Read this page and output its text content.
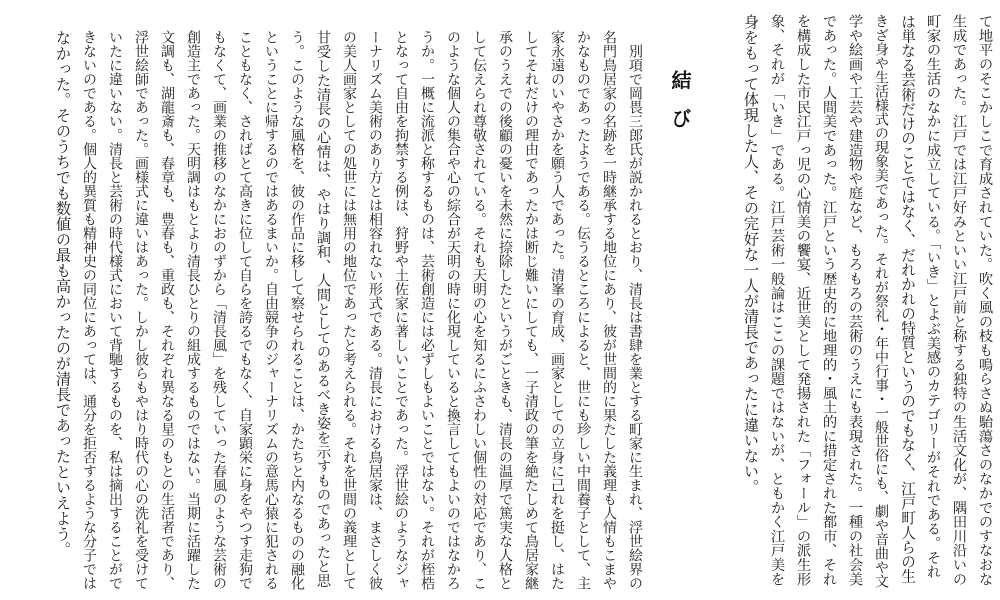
て地平のそこかしこで育成されていた。吹く風の枝も鳴らさぬ駘蕩さのなかでのすなおな
生成であった。江戸では江戸好みといい江戸前と称する独特の生活文化が、隅田川沿いの
町家の生活のなかに成立している。「いき」とよぶ美感のカテゴリーがそれである。それ
は単なる芸術だけのことではなく、だれかれの特質というのでもなく、江戸町人らの生
きざ身や生活様式の現象美であった。それが祭礼・年中行事・一般世俗にも、劇や音曲や文
学や絵画や工芸や建造物や庭など、もろもろの芸術のうえにも表現された。一種の社会美
であった。人間美であった。江戸という歴史的に地理的・風土的に措定された都市、それ
を構成した市民江戸っ児の心情美の饗宴、近世美として発揚された「フォール」の派生形
象、それが「いき」である。江戸芸術一般論はここの課題ではないが、ともかく江戸美を
身をもって体現した人、その完好な一人が清長であったに違いない。
結び
別項で岡畏三郎氏が説かれるとおり、清長は書肆を業とする町家に生まれ、浮世絵界の
名門鳥居家の名跡を一時継承する地位にあり、彼が世間的に果たした義理も人情もこまや
かなものであったようである。伝うるところによると、世にも珍しい中間養子として、主
家永遠のいやさかを願う人であった。清峯の育成、画家としての立身に己れを挺し、はた
してそれだけの理由であったかは断じ難いにしても、一子清政の筆を絶たしめて鳥居家継
承のうえでの後顧の憂いを未然に捺除したというがごときも、清長の温厚で篤実な人格と
して伝えられ尊敬されている。それも天明の心を知るにふさわしい個性の対応であり、こ
のような個人の集合や心の綜合が天明の時に化現していると換言してもよいのではなかろ
うか。一概に流派と称するものは、芸術創造には必ずしもよいことではない。それが桎梏
となって自由を拘禁する例は、狩野や土佐家に著しいことであった。浮世絵のようなジャ
ーナリズム美術のあり方とは相容れない形式である。清長における鳥居家は、まさしく彼
の美人画家としての処世には無用の地位であったと考えられる。それを世間の義理として
甘受した清長の心情は、やはり調和、人間としてのあるべき姿を示すものであったと思
う。このような風格を、彼の作品に移して察せられることは、かたちと内なるものの融化
ということに帰するのではあるまいか。自由競争のジャーナリズムの意馬心猿に犯される
こともなく、さればとて高きに位して自らを誇るでもなく、自家顕栄に身をやつす走狗で
もなくて、画業の推移のなかにおのずから「清長風」を残していった春風のような芸術の
創造主であった。天明調はもとより清長ひとりの組成するものではない。当期に活躍した
文調も、湖龍斎も、春章も、豊春も、重政も、それぞれ異なる星のもとの生活者であり、
浮世絵師であった。画様式に違いはあった。しかし彼らもやはり時代の心の洗礼を受けて
いたに違いない。清長と芸術の時代様式において背馳するものを、私は摘出することがで
きないのである。個人的異質も精神史の同位にあっては、通分を拒否するような分子では
なかった。そのうちでも数値の最も高かったのが清長であったといえよう。
